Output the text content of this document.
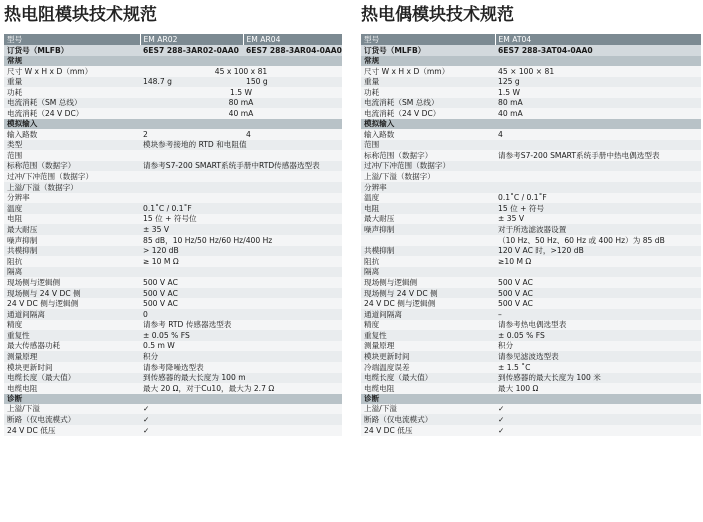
热电阻模块技术规范
型号	EM AR02	EM AR04
订货号（MLFB）	6ES7 288-3AR02-0AA0	6ES7 288-3AR04-0AA0
常规		
尺寸 W x H x D（mm）	45 x 100 x 81	
重量	148.7 g	150 g
功耗	1.5 W	
电流消耗（SM 总线）	80 mA	
电流消耗（24 V DC）	40 mA	
模拟输入		
输入路数	2	4
类型	模块参考接地的 RTD 和电阻值	
范围		
标称范围（数据字）	请参考S7-200 SMART系统手册中RTD传感器选型表	
过冲/下冲范围（数据字）		
上溢/下溢（数据字）		
分辨率		
温度	0.1˚C / 0.1˚F	
电阻	15 位 + 符号位	
最大耐压	± 35 V	
噪声抑制	85 dB，10 Hz/50 Hz/60 Hz/400 Hz	
共模抑制	> 120 dB	
阻抗	≥ 10 M Ω	
隔离		
现场侧与逻辑侧	500 V AC	
现场侧与 24 V DC 侧	500 V AC	
24 V DC 侧与逻辑侧	500 V AC	
通道间隔离	0	
精度	请参考 RTD 传感器选型表	
重复性	± 0.05 % FS	
最大传感器功耗	0.5 m W	
测量原理	积分	
模块更新时间	请参考降噪选型表	
电缆长度（最大值）	到传感器的最大长度为 100 m	
电缆电阻	最大 20 Ω，对于Cu10，最大为 2.7 Ω	
诊断		
上溢/下溢	✓	
断路（仅电流模式）	✓	
24 V DC 低压	✓	
热电偶模块技术规范
型号	EM AT04
订货号（MLFB）	6ES7 288-3AT04-0AA0
常规	
尺寸 W x H x D（mm）	45 × 100 × 81
重量	125 g
功耗	1.5 W
电流消耗（SM 总线）	80 mA
电流消耗（24 V DC）	40 mA
模拟输入	
输入路数	4
范围	
标称范围（数据字）	请参考S7-200 SMART系统手册中热电偶选型表
过冲/下冲范围（数据字）	
上溢/下溢（数据字）	
分辨率	
温度	0.1˚C / 0.1˚F
电阻	15 位 + 符号
最大耐压	± 35 V
噪声抑制	对于所选滤波器设置
	（10 Hz、50 Hz、60 Hz 或 400 Hz）为 85 dB
共模抑制	120 V AC 时，>120 dB
阻抗	≥10 M Ω
隔离	
现场侧与逻辑侧	500 V AC
现场侧与 24 V DC 侧	500 V AC
24 V DC 侧与逻辑侧	500 V AC
通道间隔离	–
精度	请参考热电偶选型表
重复性	± 0.05 % FS
测量原理	积分
模块更新时间	请参见滤波选型表
冷端温度误差	± 1.5 ˚C
电缆长度（最大值）	到传感器的最大长度为 100 米
电缆电阻	最大 100 Ω
诊断	
上溢/下溢	✓
断路（仅电流模式）	✓
24 V DC 低压	✓
